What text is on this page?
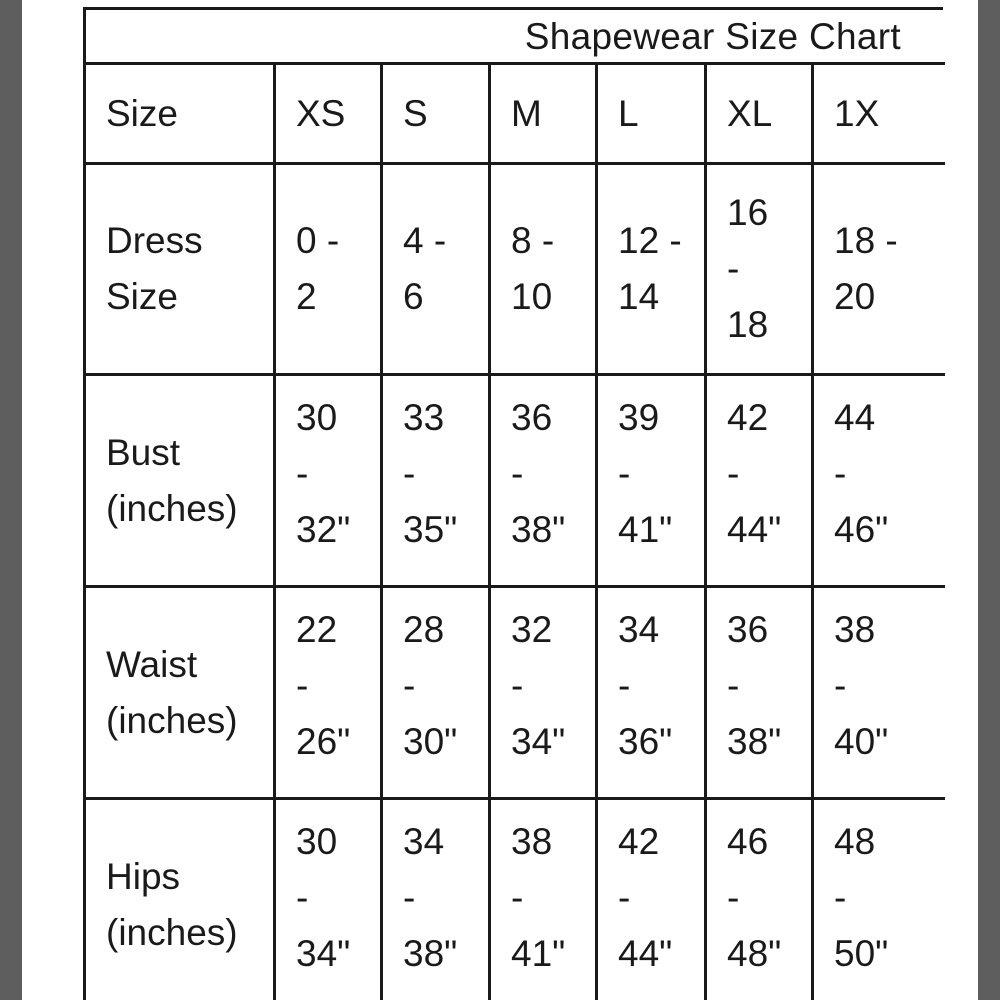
Shapewear Size Chart
Size	XS	S	M	L	XL	1X

Dress
Size	0 -
2	4 -
6	8 -
10	12 -
14	16
-
18	18 -
20

Bust
(inches)	30
-
32"	33
-
35"	36
-
38"	39
-
41"	42
-
44"	44
-
46"

Waist
(inches)	22
-
26"	28
-
30"	32
-
34"	34
-
36"	36
-
38"	38
-
40"

Hips
(inches)	30
-
34"	34
-
38"	38
-
41"	42
-
44"	46
-
48"	48
-
50"
